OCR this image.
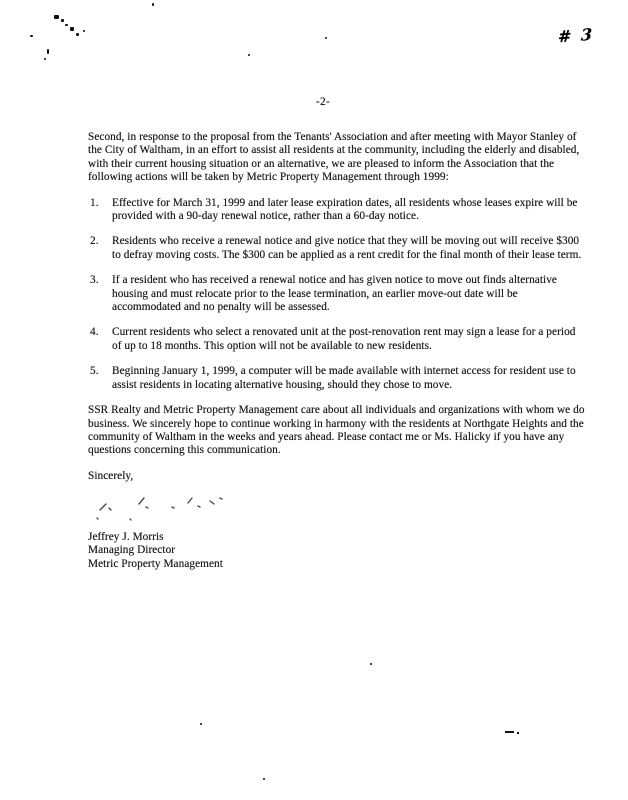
# 3
-2-

Second, in response to the proposal from the Tenants' Association and after meeting with Mayor Stanley of the City of Waltham, in an effort to assist all residents at the community, including the elderly and disabled, with their current housing situation or an alternative, we are pleased to inform the Association that the following actions will be taken by Metric Property Management through 1999:

1. Effective for March 31, 1999 and later lease expiration dates, all residents whose leases expire will be provided with a 90-day renewal notice, rather than a 60-day notice.
2. Residents who receive a renewal notice and give notice that they will be moving out will receive $300 to defray moving costs. The $300 can be applied as a rent credit for the final month of their lease term.
3. If a resident who has received a renewal notice and has given notice to move out finds alternative housing and must relocate prior to the lease termination, an earlier move-out date will be accommodated and no penalty will be assessed.
4. Current residents who select a renovated unit at the post-renovation rent may sign a lease for a period of up to 18 months. This option will not be available to new residents.
5. Beginning January 1, 1999, a computer will be made available with internet access for resident use to assist residents in locating alternative housing, should they chose to move.

SSR Realty and Metric Property Management care about all individuals and organizations with whom we do business. We sincerely hope to continue working in harmony with the residents at Northgate Heights and the community of Waltham in the weeks and years ahead. Please contact me or Ms. Halicky if you have any questions concerning this communication.

Sincerely,

Jeffrey J. Morris
Managing Director
Metric Property Management
